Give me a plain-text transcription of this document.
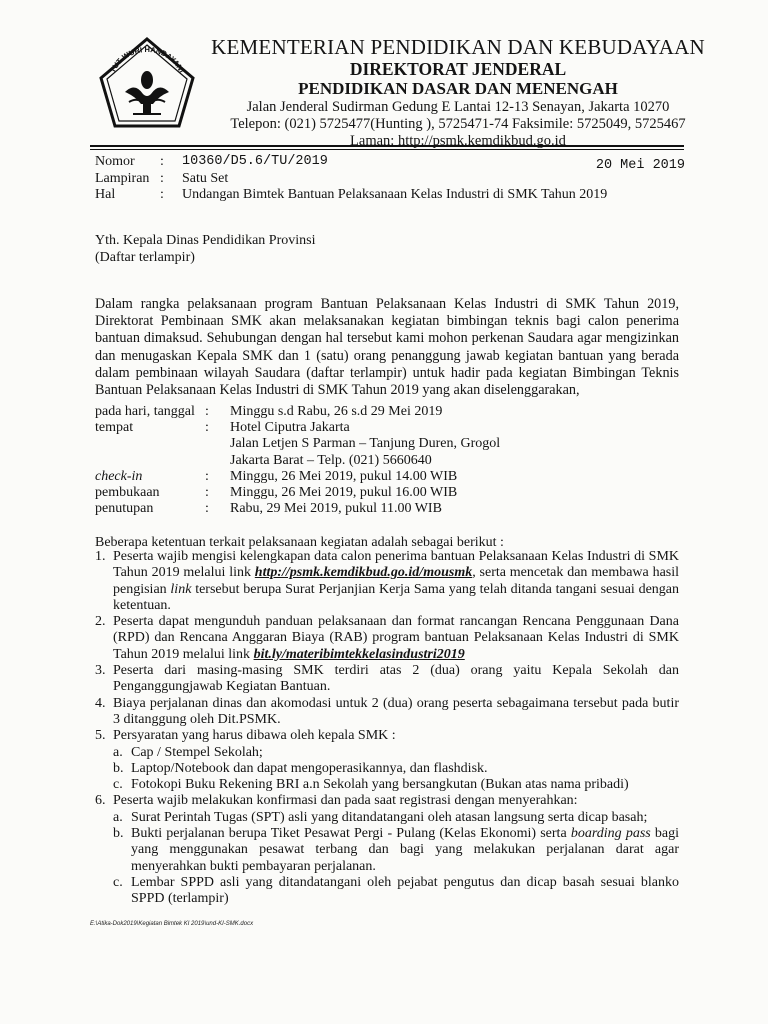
TUT WURI HANDAYANI
KEMENTERIAN PENDIDIKAN DAN KEBUDAYAAN
DIREKTORAT JENDERAL
PENDIDIKAN DASAR DAN MENENGAH
Jalan Jenderal Sudirman Gedung E Lantai 12-13 Senayan, Jakarta 10270
Telepon: (021) 5725477(Hunting ), 5725471-74 Faksimile: 5725049, 5725467
Laman: http://psmk.kemdikbud.go.id
Nomor	:	10360/D5.6/TU/2019
Lampiran :	Satu Set
Hal	:	Undangan Bimtek Bantuan Pelaksanaan Kelas Industri di SMK Tahun 2019
20 Mei 2019
Yth. Kepala Dinas Pendidikan Provinsi
(Daftar terlampir)
Dalam rangka pelaksanaan program Bantuan Pelaksanaan Kelas Industri di SMK Tahun 2019, Direktorat Pembinaan SMK akan melaksanakan kegiatan bimbingan teknis bagi calon penerima bantuan dimaksud. Sehubungan dengan hal tersebut kami mohon perkenan Saudara agar mengizinkan dan menugaskan Kepala SMK dan 1 (satu) orang penanggung jawab kegiatan bantuan yang berada dalam pembinaan wilayah Saudara (daftar terlampir) untuk hadir pada kegiatan Bimbingan Teknis Bantuan Pelaksanaan Kelas Industri di SMK Tahun 2019 yang akan diselenggarakan,
pada hari, tanggal :	Minggu s.d Rabu, 26 s.d 29 Mei 2019
tempat	:	Hotel Ciputra Jakarta
Jalan Letjen S Parman – Tanjung Duren, Grogol
Jakarta Barat – Telp. (021) 5660640
check-in	:	Minggu, 26 Mei 2019, pukul 14.00 WIB
pembukaan	:	Minggu, 26 Mei 2019, pukul 16.00 WIB
penutupan	:	Rabu, 29 Mei 2019, pukul 11.00 WIB
Beberapa ketentuan terkait pelaksanaan kegiatan adalah sebagai berikut :
1. Peserta wajib mengisi kelengkapan data calon penerima bantuan Pelaksanaan Kelas Industri di SMK Tahun 2019 melalui link http://psmk.kemdikbud.go.id/mousmk, serta mencetak dan membawa hasil pengisian link tersebut berupa Surat Perjanjian Kerja Sama yang telah ditanda tangani sesuai dengan ketentuan.
2. Peserta dapat mengunduh panduan pelaksanaan dan format rancangan Rencana Penggunaan Dana (RPD) dan Rencana Anggaran Biaya (RAB) program bantuan Pelaksanaan Kelas Industri di SMK Tahun 2019 melalui link bit.ly/materibimtekkelasindustri2019
3. Peserta dari masing-masing SMK terdiri atas 2 (dua) orang yaitu Kepala Sekolah dan Penganggungjawab Kegiatan Bantuan.
4. Biaya perjalanan dinas dan akomodasi untuk 2 (dua) orang peserta sebagaimana tersebut pada butir 3 ditanggung oleh Dit.PSMK.
5. Persyaratan yang harus dibawa oleh kepala SMK :
a. Cap / Stempel Sekolah;
b. Laptop/Notebook dan dapat mengoperasikannya, dan flashdisk.
c. Fotokopi Buku Rekening BRI a.n Sekolah yang bersangkutan (Bukan atas nama pribadi)
6. Peserta wajib melakukan konfirmasi dan pada saat registrasi dengan menyerahkan:
a. Surat Perintah Tugas (SPT) asli yang ditandatangani oleh atasan langsung serta dicap basah;
b. Bukti perjalanan berupa Tiket Pesawat Pergi - Pulang (Kelas Ekonomi) serta boarding pass bagi yang menggunakan pesawat terbang dan bagi yang melakukan perjalanan darat agar menyerahkan bukti pembayaran perjalanan.
c. Lembar SPPD asli yang ditandatangani oleh pejabat pengutus dan dicap basah sesuai blanko SPPD (terlampir)
E:\Atika-Dok2019\Kegiatan Bimtek KI 2019\und-KI-SMK.docx
